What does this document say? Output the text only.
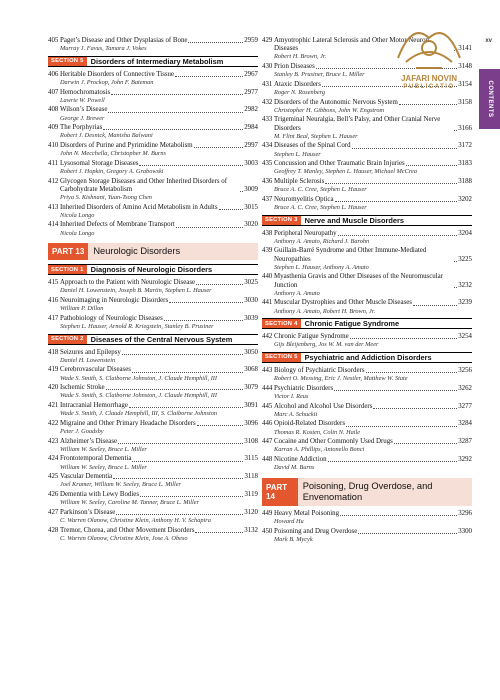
405 Paget’s Disease and Other Dysplasias of Bone	2959
Murray J. Favus, Tamara J. Vokes
SECTION 5 Disorders of Intermediary Metabolism
406 Heritable Disorders of Connective Tissue	2967
Darwin J. Prockop, John F. Bateman
407 Hemochromatosis	2977
Lawrie W. Powell
408 Wilson’s Disease	2982
George J. Brewer
409 The Porphyrias	2984
Robert J. Desnick, Manisha Balwani
410 Disorders of Purine and Pyrimidine Metabolism	2997
John N. Mecchella, Christopher M. Burns
411 Lysosomal Storage Diseases	3003
Robert J. Hopkin, Gregory A. Grabowski
412 Glycogen Storage Diseases and Other Inherited Disorders of Carbohydrate Metabolism	3009
Priya S. Kishnani, Yuan-Tsong Chen
413 Inherited Disorders of Amino Acid Metabolism in Adults	3015
Nicola Longo
414 Inherited Defects of Membrane Transport	3020
Nicola Longo
PART 13 Neurologic Disorders
SECTION 1 Diagnosis of Neurologic Disorders
415 Approach to the Patient with Neurologic Disease	3025
Daniel H. Lowenstein, Joseph B. Martin, Stephen L. Hauser
416 Neuroimaging in Neurologic Disorders	3030
William P. Dillon
417 Pathobiology of Neurologic Diseases	3039
Stephen L. Hauser, Arnold R. Kriegstein, Stanley B. Prusiner
SECTION 2 Diseases of the Central Nervous System
418 Seizures and Epilepsy	3050
Daniel H. Lowenstein
419 Cerebrovascular Diseases	3068
Wade S. Smith, S. Claiborne Johnston, J. Claude Hemphill, III
420 Ischemic Stroke	3079
Wade S. Smith, S. Claiborne Johnston, J. Claude Hemphill, III
421 Intracranial Hemorrhage	3091
Wade S. Smith, J. Claude Hemphill, III, S. Claiborne Johnston
422 Migraine and Other Primary Headache Disorders	3096
Peter J. Goadsby
423 Alzheimer’s Disease	3108
William W. Seeley, Bruce L. Miller
424 Frontotemporal Dementia	3115
William W. Seeley, Bruce L. Miller
425 Vascular Dementia	3118
Joel Kramer, William W. Seeley, Bruce L. Miller
426 Dementia with Lewy Bodies	3119
William W. Seeley, Caroline M. Tanner, Bruce L. Miller
427 Parkinson’s Disease	3120
C. Warren Olanow, Christine Klein, Anthony H. V. Schapira
428 Tremor, Chorea, and Other Movement Disorders	3132
C. Warren Olanow, Christine Klein, Jose A. Obeso
429 Amyotrophic Lateral Sclerosis and Other Motor Neuron Diseases	3141
Robert H. Brown, Jr.
430 Prion Diseases	3148
Stanley B. Prusiner, Bruce L. Miller
431 Ataxic Disorders	3154
Roger N. Rosenberg
432 Disorders of the Autonomic Nervous System	3158
Christopher H. Gibbons, John W. Engstrom
433 Trigeminal Neuralgia, Bell’s Palsy, and Other Cranial Nerve Disorders	3166
M. Flint Beal, Stephen L. Hauser
434 Diseases of the Spinal Cord	3172
Stephen L. Hauser
435 Concussion and Other Traumatic Brain Injuries	3183
Geoffrey T. Manley, Stephen L. Hauser, Michael McCrea
436 Multiple Sclerosis	3188
Bruce A. C. Cree, Stephen L. Hauser
437 Neuromyelitis Optica	3202
Bruce A. C. Cree, Stephen L. Hauser
SECTION 3 Nerve and Muscle Disorders
438 Peripheral Neuropathy	3204
Anthony A. Amato, Richard J. Barohn
439 Guillain-Barré Syndrome and Other Immune-Mediated Neuropathies	3225
Stephen L. Hauser, Anthony A. Amato
440 Myasthenia Gravis and Other Diseases of the Neuromuscular Junction	3232
Anthony A. Amato
441 Muscular Dystrophies and Other Muscle Diseases	3239
Anthony A. Amato, Robert H. Brown, Jr.
SECTION 4 Chronic Fatigue Syndrome
442 Chronic Fatigue Syndrome	3254
Gijs Bleijenberg, Jos W. M. van der Meer
SECTION 5 Psychiatric and Addiction Disorders
443 Biology of Psychiatric Disorders	3256
Robert O. Messing, Eric J. Nestler, Matthew W. State
444 Psychiatric Disorders	3262
Victor I. Reus
445 Alcohol and Alcohol Use Disorders	3277
Marc A. Schuckit
446 Opioid-Related Disorders	3284
Thomas R. Kosten, Colin N. Haile
447 Cocaine and Other Commonly Used Drugs	3287
Karran A. Phillips, Antonello Bonci
448 Nicotine Addiction	3292
David M. Burns
PART 14
Poisoning, Drug Overdose, and Envenomation
449 Heavy Metal Poisoning	3296
Howard Hu
450 Poisoning and Drug Overdose	3300
Mark B. Mycyk
xv
JAFARI NOVIN
PUBLICATIO	CONTENTS
